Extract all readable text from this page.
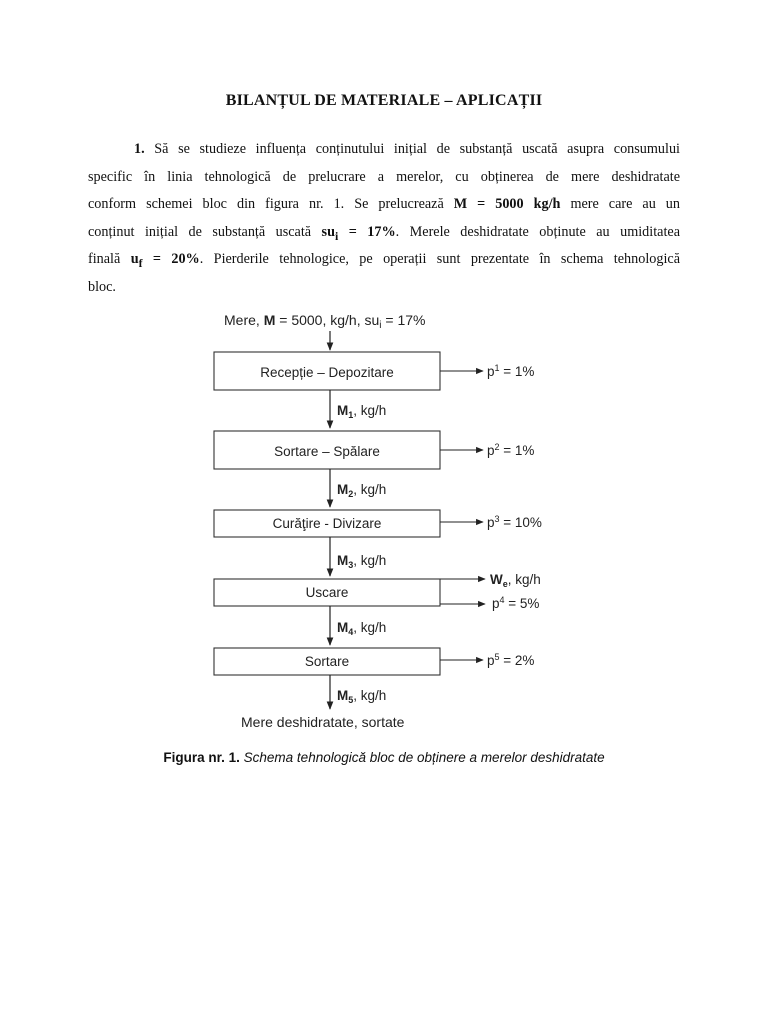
BILANȚUL DE MATERIALE – APLICAȚII
1. Să se studieze influența conținutului inițial de substanță uscată asupra consumului
specific în linia tehnologică de prelucrare a merelor, cu obținerea de mere deshidratate
conform schemei bloc din figura nr. 1. Se prelucrează M = 5000 kg/h mere care au un
conținut inițial de substanță uscată $su_i = 17\%$. Merele deshidratate obținute au umiditatea
finală $u_f = 20\%$. Pierderile tehnologice, pe operații sunt prezentate în schema tehnologică
bloc.
Mere, M = 5000, kg/h, $su_i = 17\%$
Recepție – Depozitare	$p^1 = 1\%$
$M_1$, kg/h
Sortare – Spălare	$p^2 = 1\%$
$M_2$, kg/h
Curăţire - Divizare	$p^3 = 10\%$
$M_3$, kg/h
Uscare
$W_e$, kg/h
$p^4 = 5\%$
$M_4$, kg/h
Sortare	$p^5 = 2\%$
$M_5$, kg/h
Mere deshidratate, sortate
Figura nr. 1. Schema tehnologică bloc de obținere a merelor deshidratate
